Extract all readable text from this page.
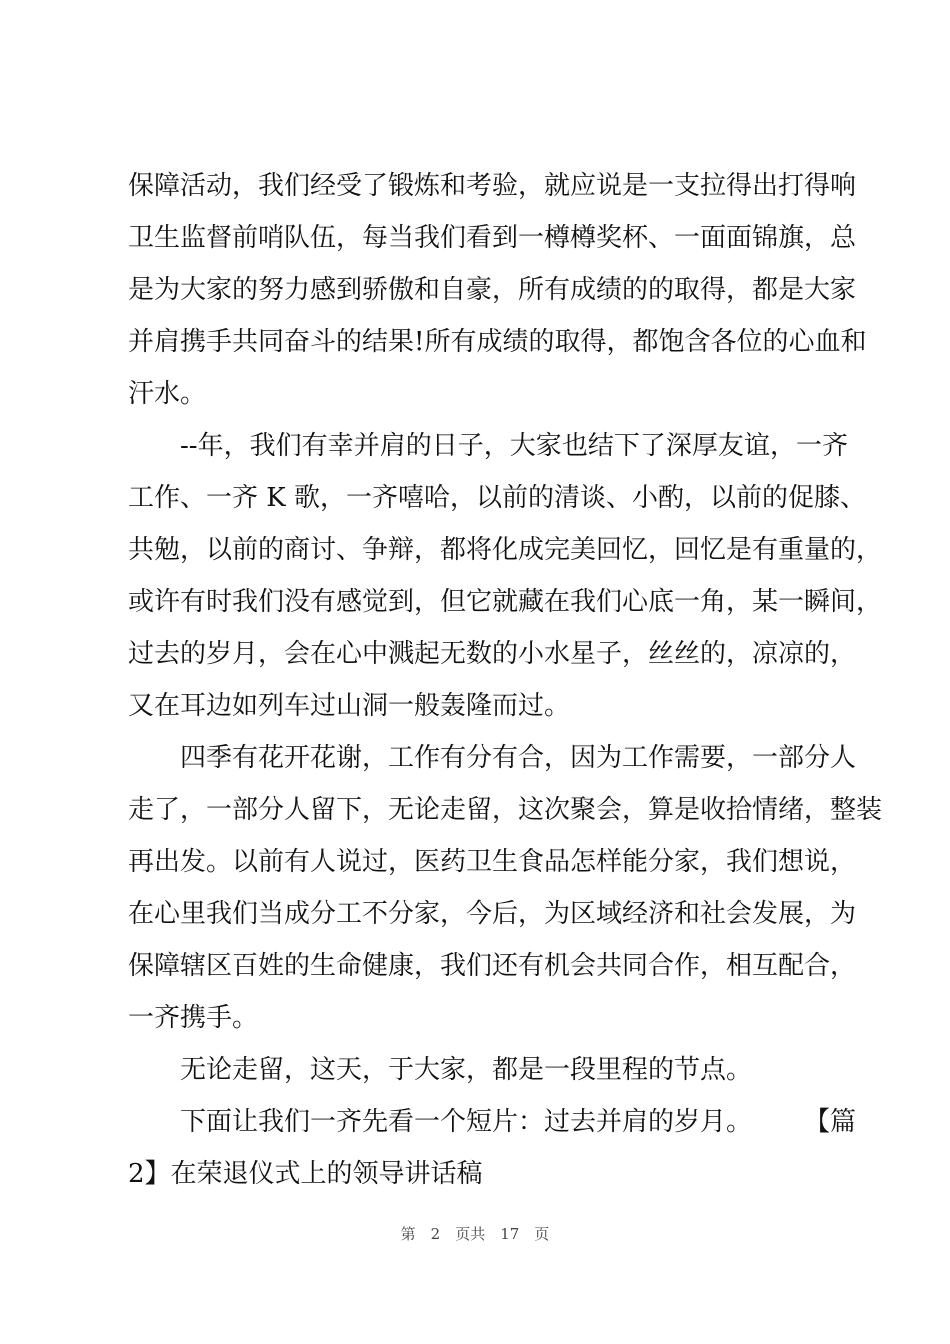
保障活动，我们经受了锻炼和考验，就应说是一支拉得出打得响
卫生监督前哨队伍，每当我们看到一樽樽奖杯、一面面锦旗，总
是为大家的努力感到骄傲和自豪，所有成绩的的取得，都是大家
并肩携手共同奋斗的结果!所有成绩的取得，都饱含各位的心血和
汗水。
--年，我们有幸并肩的日子，大家也结下了深厚友谊，一齐
工作、一齐 K 歌，一齐嘻哈，以前的清谈、小酌，以前的促膝、
共勉，以前的商讨、争辩，都将化成完美回忆，回忆是有重量的，
或许有时我们没有感觉到，但它就藏在我们心底一角，某一瞬间，
过去的岁月，会在心中溅起无数的小水星子，丝丝的，凉凉的，
又在耳边如列车过山洞一般轰隆而过。
四季有花开花谢，工作有分有合，因为工作需要，一部分人
走了，一部分人留下，无论走留，这次聚会，算是收拾情绪，整装
再出发。以前有人说过，医药卫生食品怎样能分家，我们想说，
在心里我们当成分工不分家，今后，为区域经济和社会发展，为
保障辖区百姓的生命健康，我们还有机会共同合作，相互配合，
一齐携手。
无论走留，这天，于大家，都是一段里程的节点。
下面让我们一齐先看一个短片：过去并肩的岁月。　　　【篇
2】在荣退仪式上的领导讲话稿
第　2　页共　17　页
